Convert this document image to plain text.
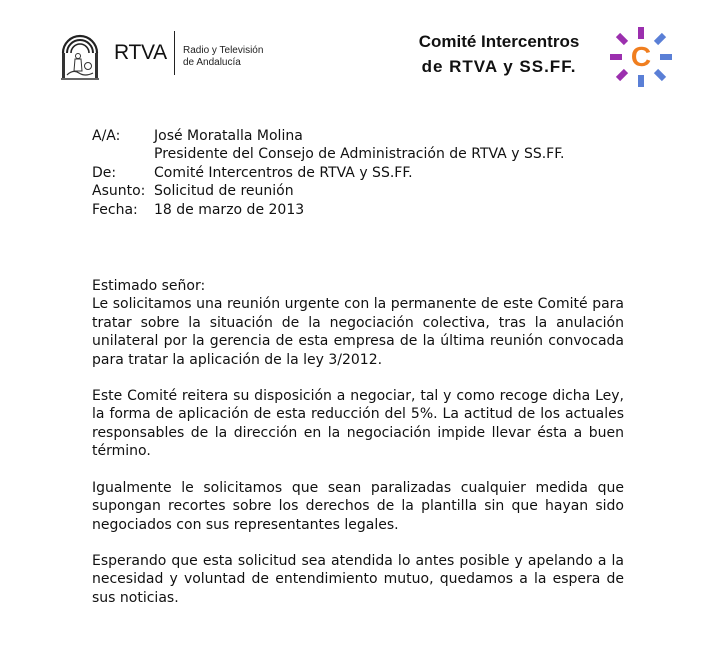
RTVA Radio y Televisión
de Andalucía
Comité Intercentros
de RTVA y SS.FF.	C
A/A:	José Moratalla Molina
Presidente del Consejo de Administración de RTVA y SS.FF.
De:	Comité Intercentros de RTVA y SS.FF.
Asunto: Solicitud de reunión
Fecha:	18 de marzo de 2013
Estimado señor:

Le solicitamos una reunión urgente con la permanente de este Comité para tratar sobre la situación de la negociación colectiva, tras la anulación unilateral por la gerencia de esta empresa de la última reunión convocada para tratar la aplicación de la ley 3/2012.

Este Comité reitera su disposición a negociar, tal y como recoge dicha Ley, la forma de aplicación de esta reducción del 5%. La actitud de los actuales responsables de la dirección en la negociación impide llevar ésta a buen término.

Igualmente le solicitamos que sean paralizadas cualquier medida que supongan recortes sobre los derechos de la plantilla sin que hayan sido negociados con sus representantes legales.

Esperando que esta solicitud sea atendida lo antes posible y apelando a la necesidad y voluntad de entendimiento mutuo, quedamos a la espera de sus noticias.
